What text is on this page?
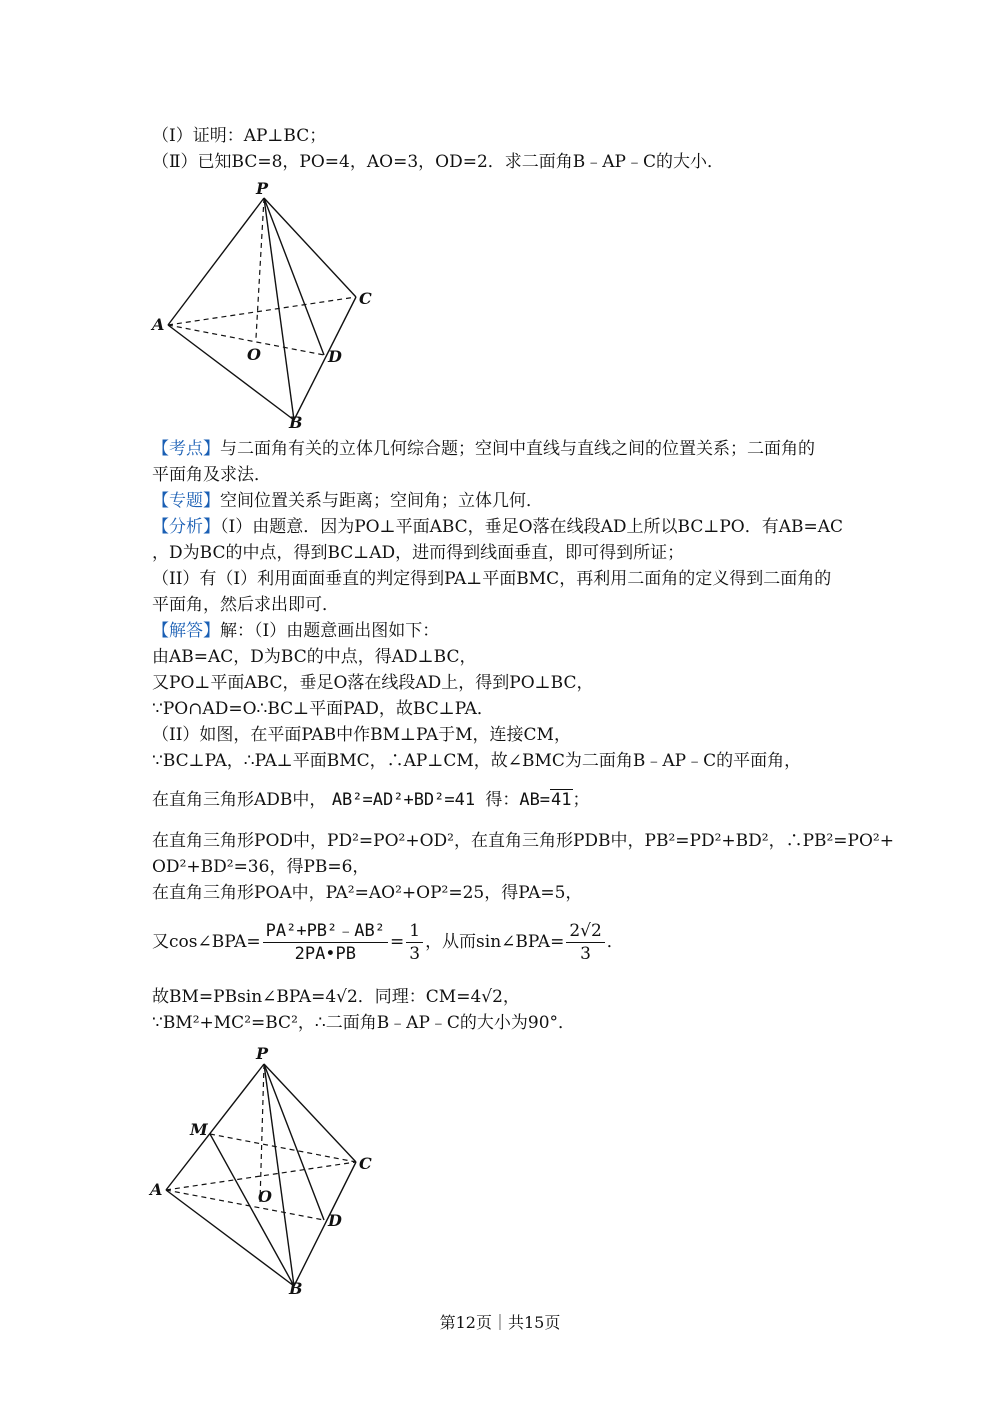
（Ⅰ）证明：AP⊥BC；
（Ⅱ）已知BC=8，PO=4，AO=3，OD=2．求二面角B﹣AP﹣C的大小．
P
A
B
C
D
O
【考点】与二面角有关的立体几何综合题；空间中直线与直线之间的位置关系；二面角的
平面角及求法．
【专题】空间位置关系与距离；空间角；立体几何．
【分析】（I）由题意．因为PO⊥平面ABC，垂足O落在线段AD上所以BC⊥PO．有AB=AC
，D为BC的中点，得到BC⊥AD，进而得到线面垂直，即可得到所证；
（II）有（I）利用面面垂直的判定得到PA⊥平面BMC，再利用二面角的定义得到二面角的
平面角，然后求出即可．
【解答】解：（I）由题意画出图如下：
由AB=AC，D为BC的中点，得AD⊥BC，
又PO⊥平面ABC，垂足O落在线段AD上，得到PO⊥BC，
∵PO∩AD=O∴BC⊥平面PAD，故BC⊥PA．
（II）如图，在平面PAB中作BM⊥PA于M，连接CM，
∵BC⊥PA，∴PA⊥平面BMC，∴AP⊥CM，故∠BMC为二面角B﹣AP﹣C的平面角，
在直角三角形ADB中， AB²=AD²+BD²=41 得：AB=41；
在直角三角形POD中，PD²=PO²+OD²，在直角三角形PDB中，PB²=PD²+BD²，∴PB²=PO²+
OD²+BD²=36，得PB=6，
在直角三角形POA中，PA²=AO²+OP²=25，得PA=5，
又cos∠BPA= $\frac{\text{PA²+PB²﹣AB²}}{2PA•PB} = \frac{1}{3}$ ，从而sin∠BPA= $\frac{2√2}{3}$ ．
故BM=PBsin∠BPA=4√2．同理：CM=4√2，
∵BM²+MC²=BC²，∴二面角B﹣AP﹣C的大小为90°．
P
M
A
B
C
D
O
第12页｜共15页
